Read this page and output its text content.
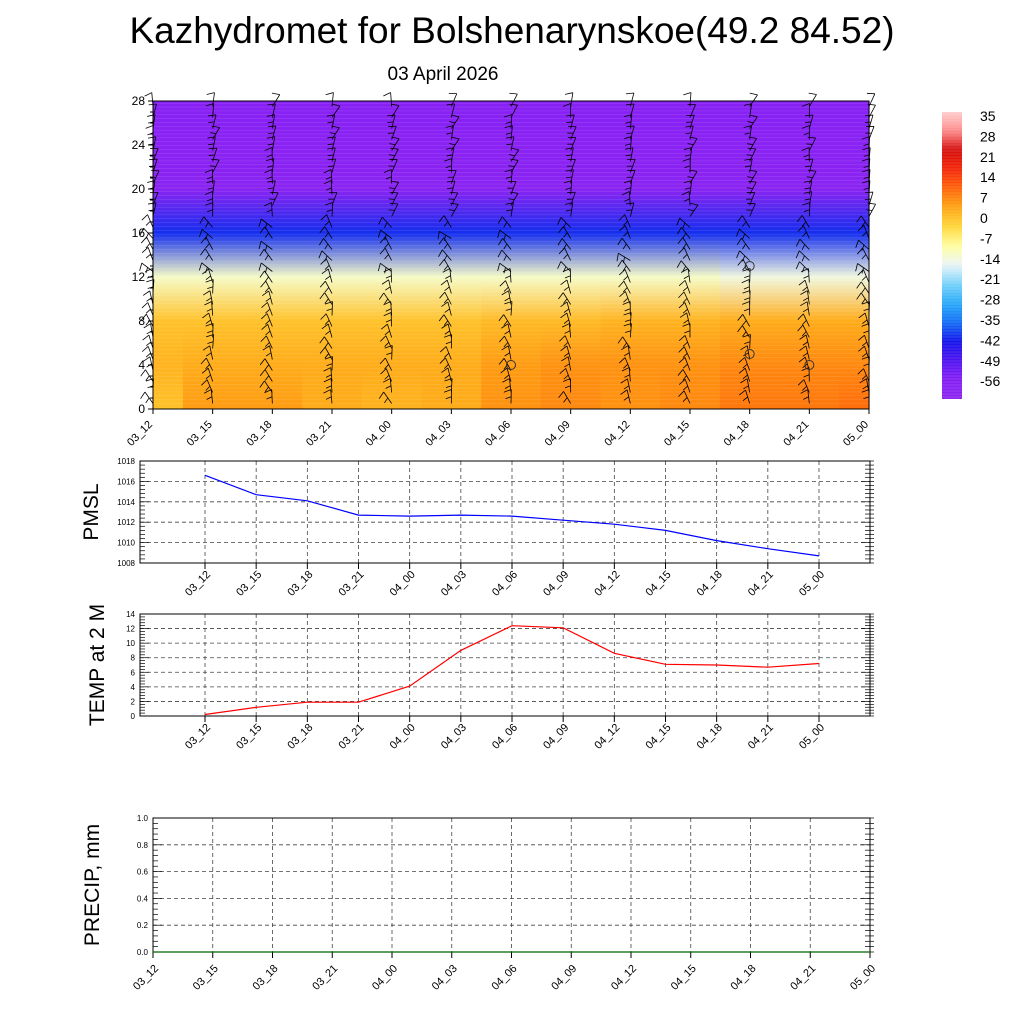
Kazhydromet for Bolshenarynskoe(49.2 84.52)
03 April 2026
0
4
8
12
16
20
24
28
03_12	03_15	03_18	03_21	04_00	04_03	04_06	04_09	04_12	04_15	04_18	04_21	05_00
35
28
21
14
7
0
-7
-14
-21
-28
-35
-42
-49
-56
1008
1010
1012
1014
1016
1018
PMSL
03_12 03_15 03_18 03_21 04_00 04_03 04_06 04_09 04_12 04_15 04_18 04_21 05_00
0
2
4
6
8
10
12
14
TEMP at 2 M
03_12 03_15 03_18 03_21 04_00 04_03 04_06 04_09 04_12 04_15 04_18 04_21 05_00
0.0
0.2
0.4
0.6
0.8
1.0
PRECIP, mm
03_12	03_15	03_18	03_21	04_00	04_03	04_06	04_09	04_12	04_15	04_18	04_21	05_00
